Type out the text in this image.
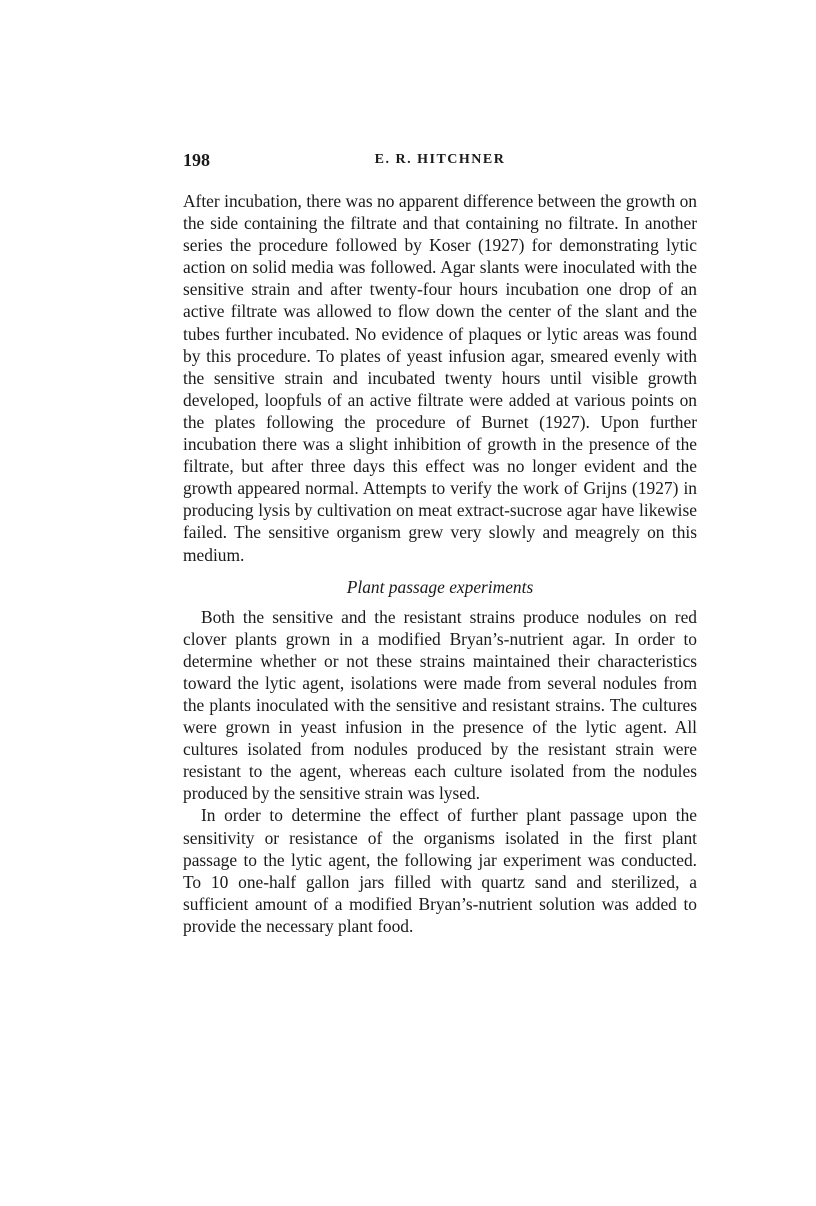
198	E. R. HITCHNER

After incubation, there was no apparent difference between the growth on the side containing the filtrate and that containing no filtrate. In another series the procedure followed by Koser (1927) for demonstrating lytic action on solid media was followed. Agar slants were inoculated with the sensitive strain and after twenty-four hours incubation one drop of an active filtrate was allowed to flow down the center of the slant and the tubes further incubated. No evidence of plaques or lytic areas was found by this procedure. To plates of yeast infusion agar, smeared evenly with the sensitive strain and incubated twenty hours until visible growth developed, loopfuls of an active filtrate were added at various points on the plates following the procedure of Burnet (1927). Upon further incubation there was a slight inhibition of growth in the presence of the filtrate, but after three days this effect was no longer evident and the growth appeared normal. Attempts to verify the work of Grijns (1927) in producing lysis by cultivation on meat extract-sucrose agar have likewise failed. The sensitive organism grew very slowly and meagrely on this medium.

Plant passage experiments

Both the sensitive and the resistant strains produce nodules on red clover plants grown in a modified Bryan’s-nutrient agar. In order to determine whether or not these strains maintained their characteristics toward the lytic agent, isolations were made from several nodules from the plants inoculated with the sensitive and resistant strains. The cultures were grown in yeast infusion in the presence of the lytic agent. All cultures isolated from nodules produced by the resistant strain were resistant to the agent, whereas each culture isolated from the nodules produced by the sensitive strain was lysed.

In order to determine the effect of further plant passage upon the sensitivity or resistance of the organisms isolated in the first plant passage to the lytic agent, the following jar experiment was conducted. To 10 one-half gallon jars filled with quartz sand and sterilized, a sufficient amount of a modified Bryan’s-nutrient solution was added to provide the necessary plant food.
